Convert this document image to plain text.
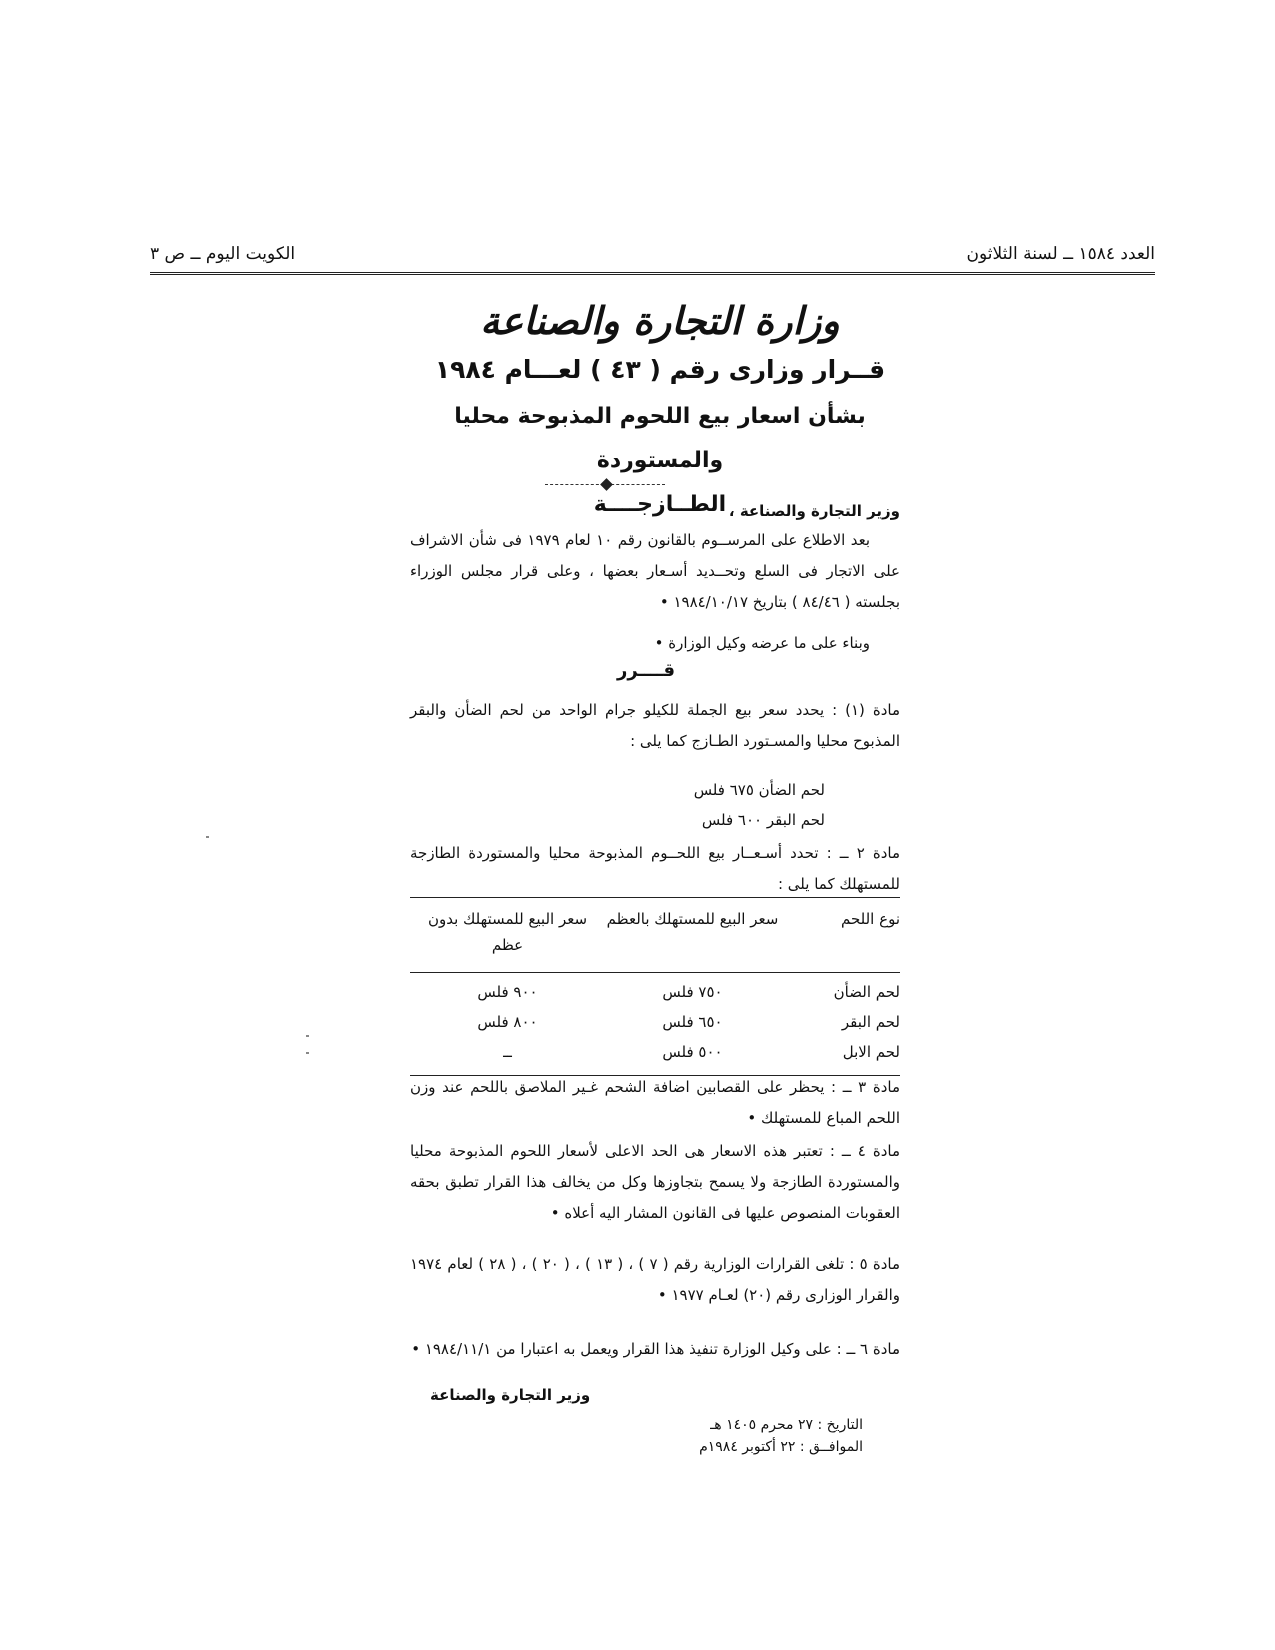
العدد ١٥٨٤ ــ لسنة الثلاثون
الكويت اليوم ــ ص ٣
وزارة التجارة والصناعة
قــرار وزارى رقم ( ٤٣ ) لعـــام ١٩٨٤
بشأن اسعار بيع اللحوم المذبوحة محليا والمستوردة
الطــازجــــة وزير التجارة والصناعة ،
بعد الاطلاع على المرســوم بالقانون رقم ١٠ لعام ١٩٧٩ فى شأن الاشراف على الاتجار فى السلع وتحــديد أسـعار بعضها ، وعلى قرار مجلس الوزراء بجلسته ( ٨٤/٤٦ ) بتاريخ ١٩٨٤/١٠/١٧ •
وبناء على ما عرضه وكيل الوزارة •
قــــرر
مادة (١) : يحدد سعر بيع الجملة للكيلو جرام الواحد من لحم الضأن والبقر المذبوح محليا والمسـتورد الطـازج كما يلى :
لحم الضأن ٦٧٥ فلس
لحم البقر ٦٠٠ فلس
مادة ٢ ــ : تحدد أسـعــار بيع اللحــوم المذبوحة محليا والمستوردة الطازجة للمستهلك كما يلى :
نوع اللحم
سعر البيع للمستهلك بالعظم
سعر البيع للمستهلك بدون عظم
لحم الضأن
٧٥٠ فلس
٩٠٠ فلس
لحم البقر
٦٥٠ فلس
٨٠٠ فلس
لحم الابل
٥٠٠ فلس
ــ
مادة ٣ ــ : يحظر على القصابين اضافة الشحم غـير الملاصق باللحم عند وزن اللحم المباع للمستهلك •
مادة ٤ ــ : تعتبر هذه الاسعار هى الحد الاعلى لأسعار اللحوم المذبوحة محليا والمستوردة الطازجة ولا يسمح بتجاوزها وكل من يخالف هذا القرار تطبق بحقه العقوبات المنصوص عليها فى القانون المشار اليه أعلاه •
مادة ٥ : تلغى القرارات الوزارية رقم ( ٧ ) ، ( ١٣ ) ، ( ٢٠ ) ، ( ٢٨ ) لعام ١٩٧٤ والقرار الوزارى رقم (٢٠) لعـام ١٩٧٧ •
مادة ٦ ــ : على وكيل الوزارة تنفيذ هذا القرار ويعمل به اعتبارا من ١٩٨٤/١١/١ •
وزير التجارة والصناعة
التاريخ : ٢٧ محرم ١٤٠٥ هـ
الموافــق : ٢٢ أكتوبر ١٩٨٤م
